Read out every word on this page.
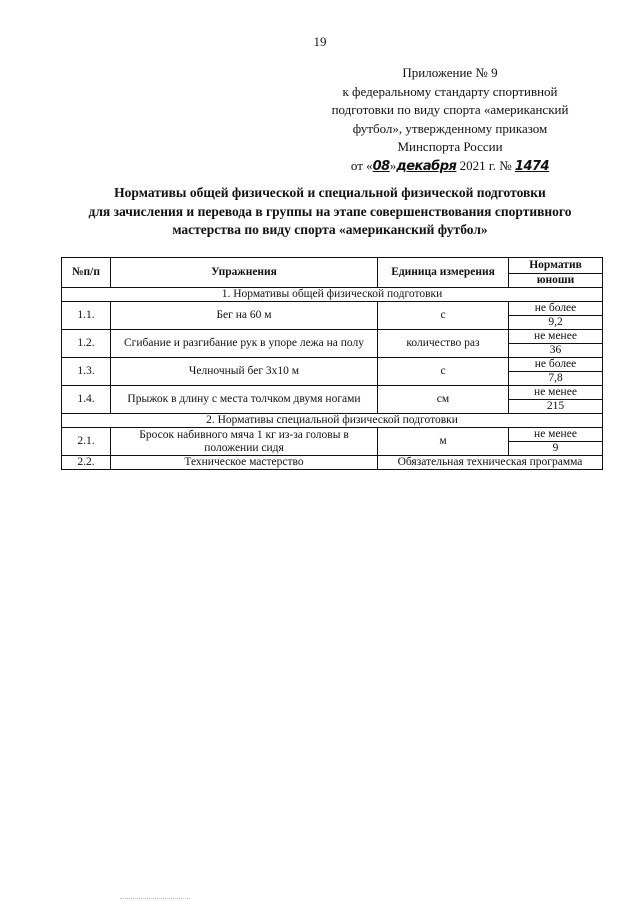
19
Приложение № 9
к федеральному стандарту спортивной
подготовки по виду спорта «американский
футбол», утвержденному приказом
Минспорта России
от «08»декабря 2021 г. № 1474
Нормативы общей физической и специальной физической подготовки
для зачисления и перевода в группы на этапе совершенствования спортивного
мастерства по виду спорта «американский футбол»
№п/п	Упражнения	Единица измерения	Норматив
			юноши
1. Нормативы общей физической подготовки			
1.1.	Бег на 60 м	с	не более
			9,2
1.2.	Сгибание и разгибание рук в упоре лежа на полу	количество раз	не менее
			36
1.3.	Челночный бег 3х10 м	с	не более
			7,8
1.4.	Прыжок в длину с места толчком двумя ногами	см	не менее
			215
2. Нормативы специальной физической подготовки			
2.1.	Бросок набивного мяча 1 кг из-за головы в положении сидя	м	не менее
			9
2.2.	Техническое мастерство	Обязательная техническая программа	
